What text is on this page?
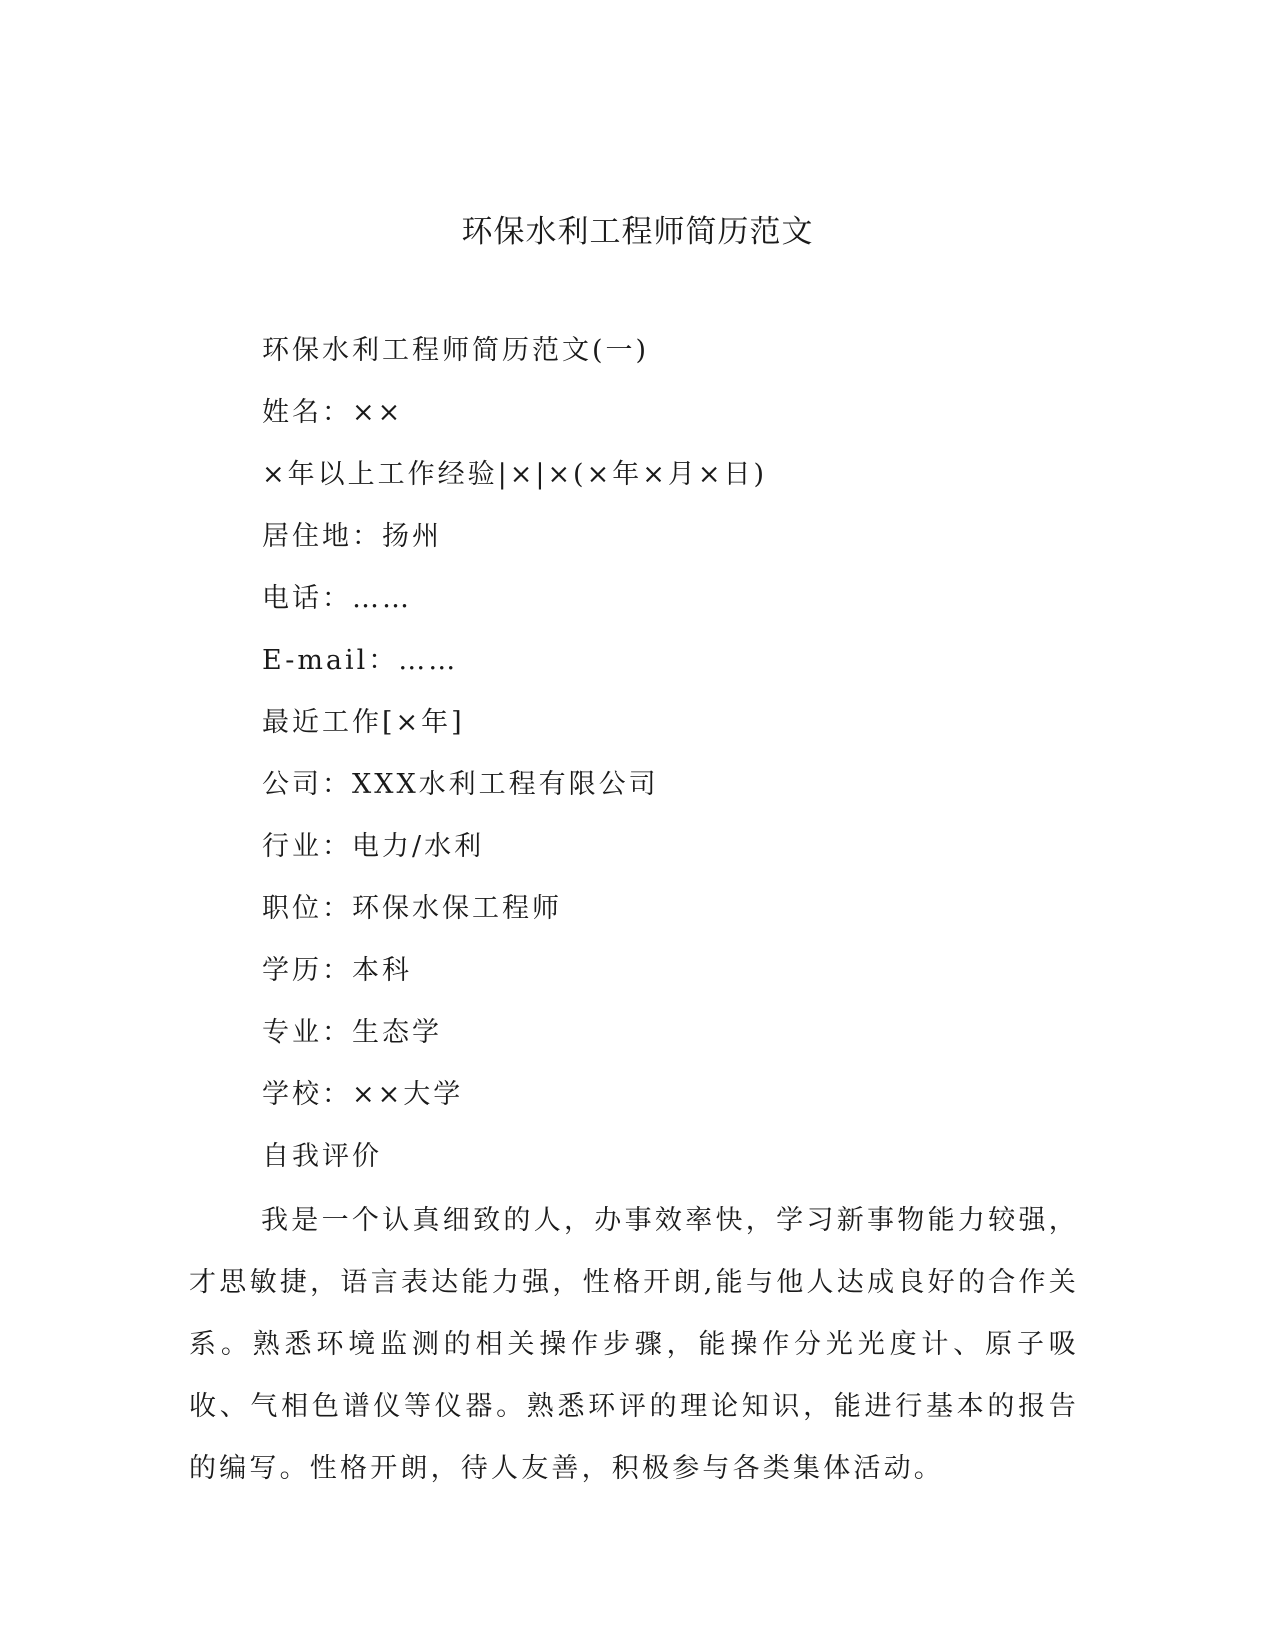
环保水利工程师简历范文
环保水利工程师简历范文(一)
姓名：××
×年以上工作经验|×|×(×年×月×日)
居住地：扬州
电话：……
E-mail：……
最近工作[×年]
公司：XXX水利工程有限公司
行业：电力/水利
职位：环保水保工程师
学历：本科
专业：生态学
学校：××大学
自我评价

我是一个认真细致的人，办事效率快，学习新事物能力较强，才思敏捷，语言表达能力强，性格开朗,能与他人达成良好的合作关系。熟悉环境监测的相关操作步骤，能操作分光光度计、原子吸收、气相色谱仪等仪器。熟悉环评的理论知识，能进行基本的报告的编写。性格开朗，待人友善，积极参与各类集体活动。
